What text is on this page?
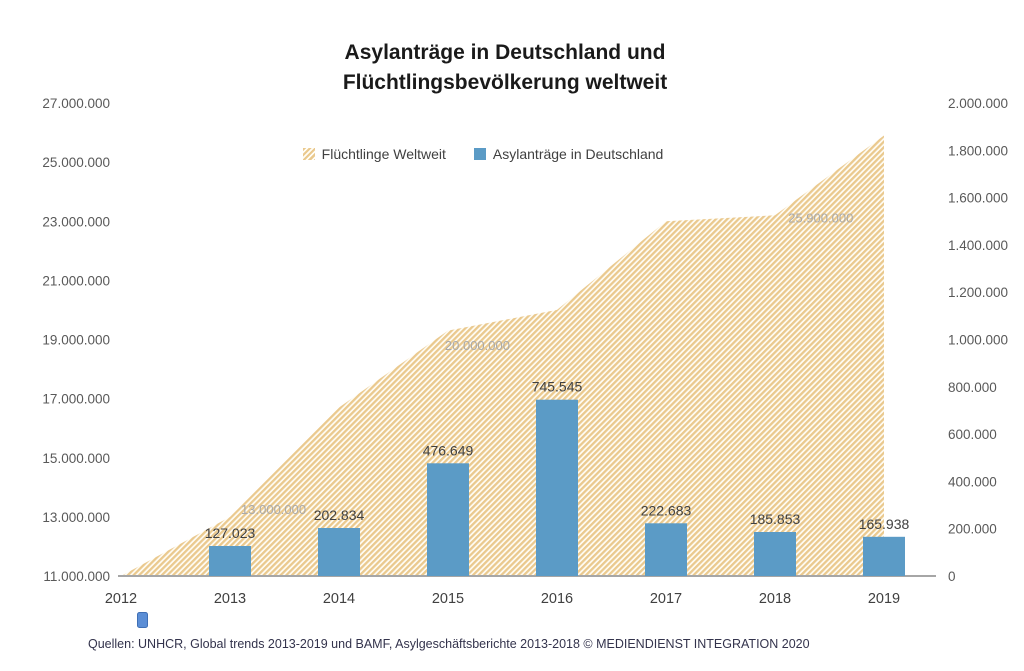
Asylanträge in Deutschland und
Flüchtlingsbevölkerung weltweit
Flüchtlinge Weltweit	Asylanträge in Deutschland
127.023
202.834
476.649
745.545
222.683
185.853	165.938
13.000.000
20.000.000
25.900.000
27.000.000
25.000.000
23.000.000
21.000.000
19.000.000
17.000.000
15.000.000
13.000.000
11.000.000
2.000.000
1.800.000
1.600.000
1.400.000
1.200.000
1.000.000
800.000
600.000
400.000
200.000
0
2012	2013	2014	2015	2016	2017	2018	2019
Quellen: UNHCR, Global trends 2013-2019 und BAMF, Asylgeschäftsberichte 2013-2018 © MEDIENDIENST INTEGRATION 2020
